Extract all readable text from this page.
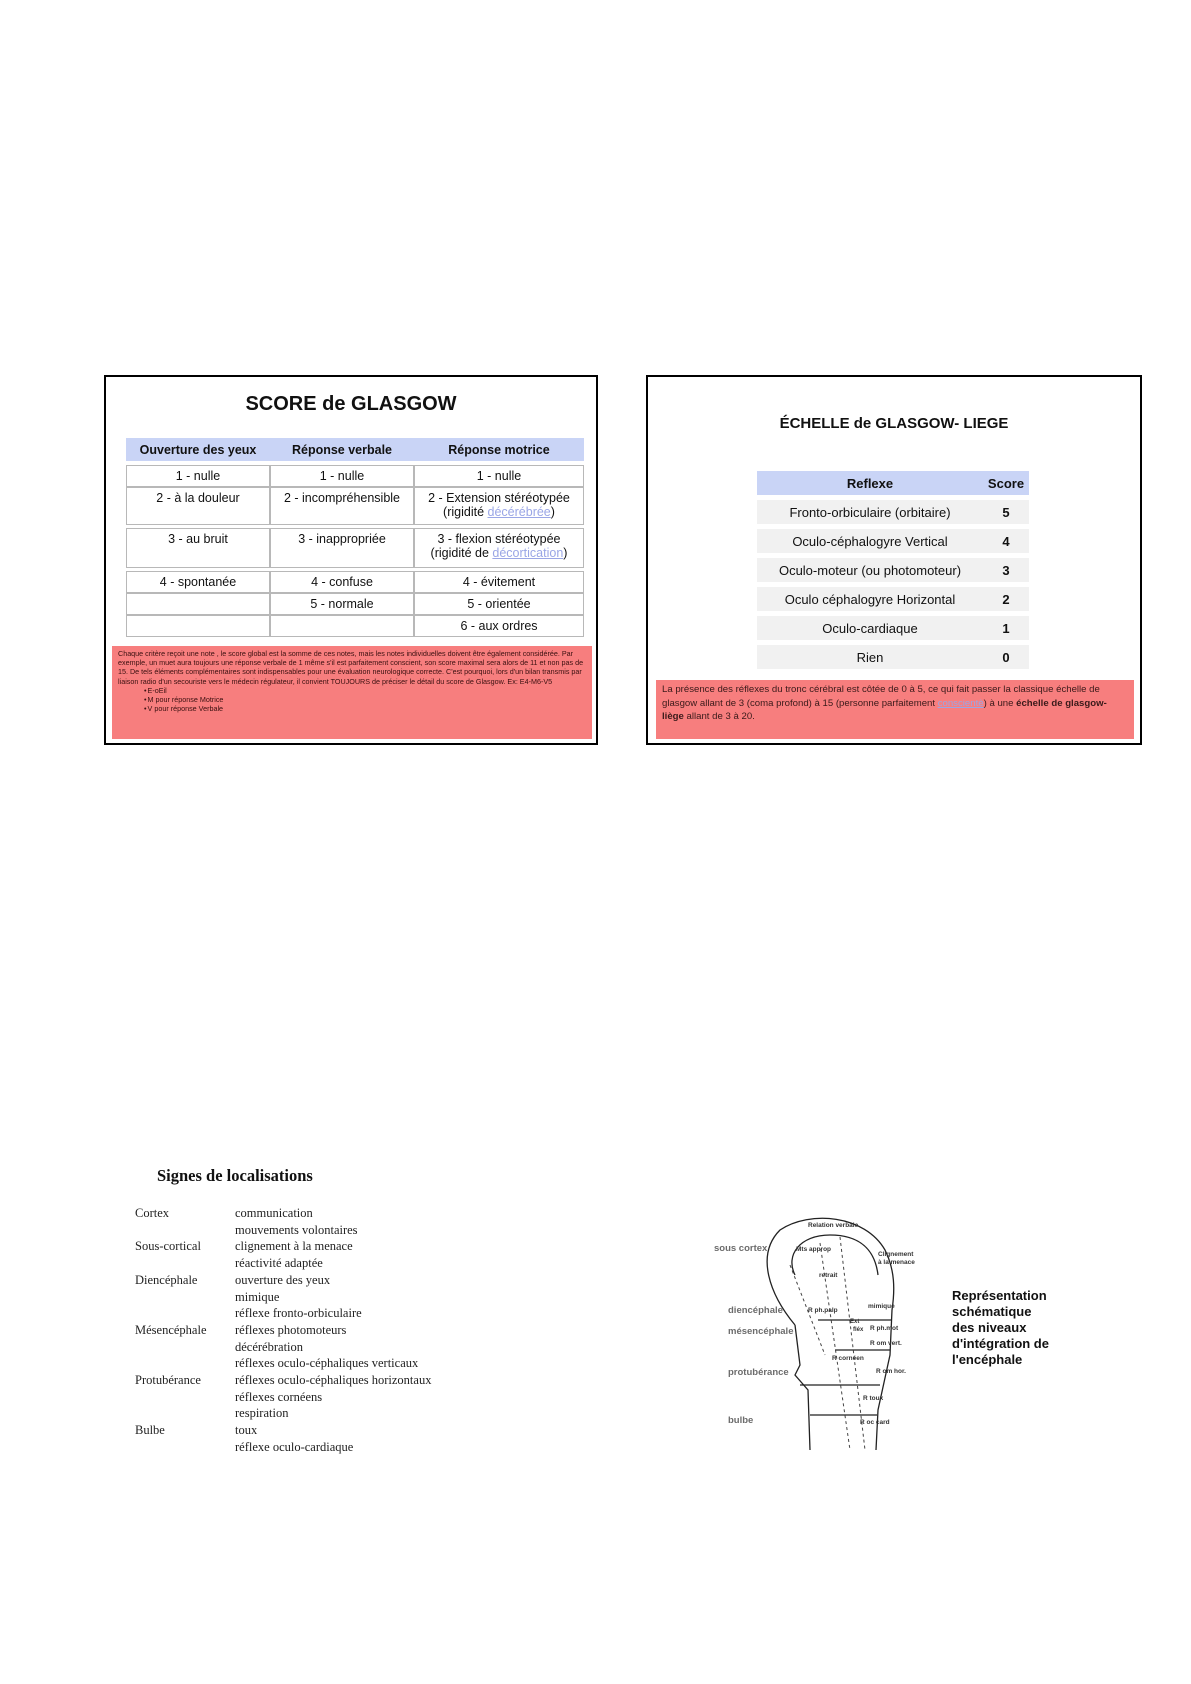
SCORE de GLASGOW
Ouverture des yeux	Réponse verbale	Réponse motrice

1 - nulle	1 - nulle	1 - nulle
2 - à la douleur	2 - incompréhensible	2 - Extension stéréotypée
(rigidité décérébrée)

3 - au bruit	3 - inappropriée	3 - flexion stéréotypée
(rigidité de décortication)

4 - spontanée	4 - confuse	4 - évitement
	5 - normale	5 - orientée
		6 - aux ordres
Chaque critère reçoit une note , le score global est la somme de ces notes, mais les notes individuelles doivent être également considérée. Par exemple, un muet aura toujours une réponse verbale de 1 même s'il est parfaitement conscient, son score maximal sera alors de 11 et non pas de 15. De tels éléments complémentaires sont indispensables pour une évaluation neurologique correcte. C'est pourquoi, lors d'un bilan transmis par liaison radio d'un secouriste vers le médecin régulateur, il convient TOUJOURS de préciser le détail du score de Glasgow. Ex: E4-M6-V5
• E-oEil
• M pour réponse Motrice
• V pour réponse Verbale
ÉCHELLE de GLASGOW- LIEGE
Reflexe	Score
Fronto-orbiculaire (orbitaire)	5
Oculo-céphalogyre Vertical	4
Oculo-moteur (ou photomoteur)	3
Oculo céphalogyre Horizontal	2
Oculo-cardiaque	1
Rien	0
La présence des réflexes du tronc cérébral est côtée de 0 à 5, ce qui fait passer la classique échelle de glasgow allant de 3 (coma profond) à 15 (personne parfaitement conscientè) à une échelle de glasgow-liège allant de 3 à 20.
Signes de localisations
Cortex	communication
mouvements volontaires
Sous-cortical	clignement à la menace
réactivité adaptée
Diencéphale	ouverture des yeux
mimique
réflexe fronto-orbiculaire
Mésencéphale réflexes photomoteurs
décérébration
réflexes oculo-céphaliques verticaux
Protubérance	réflexes oculo-céphaliques horizontaux
réflexes cornéens
respiration
Bulbe	toux
réflexe oculo-cardiaque
sous cortex
diencéphale
mésencéphale
protubérance
bulbe
Relation verbale
Mts approp
retrait
Clignement
à la menace
R ph.palp
mimique
R ph.mot
R om vert.
R cornéen
R om hor.
R toux
R oc card
Ext
fléx
Représentation
schématique
des niveaux
d'intégration de
l'encéphale
